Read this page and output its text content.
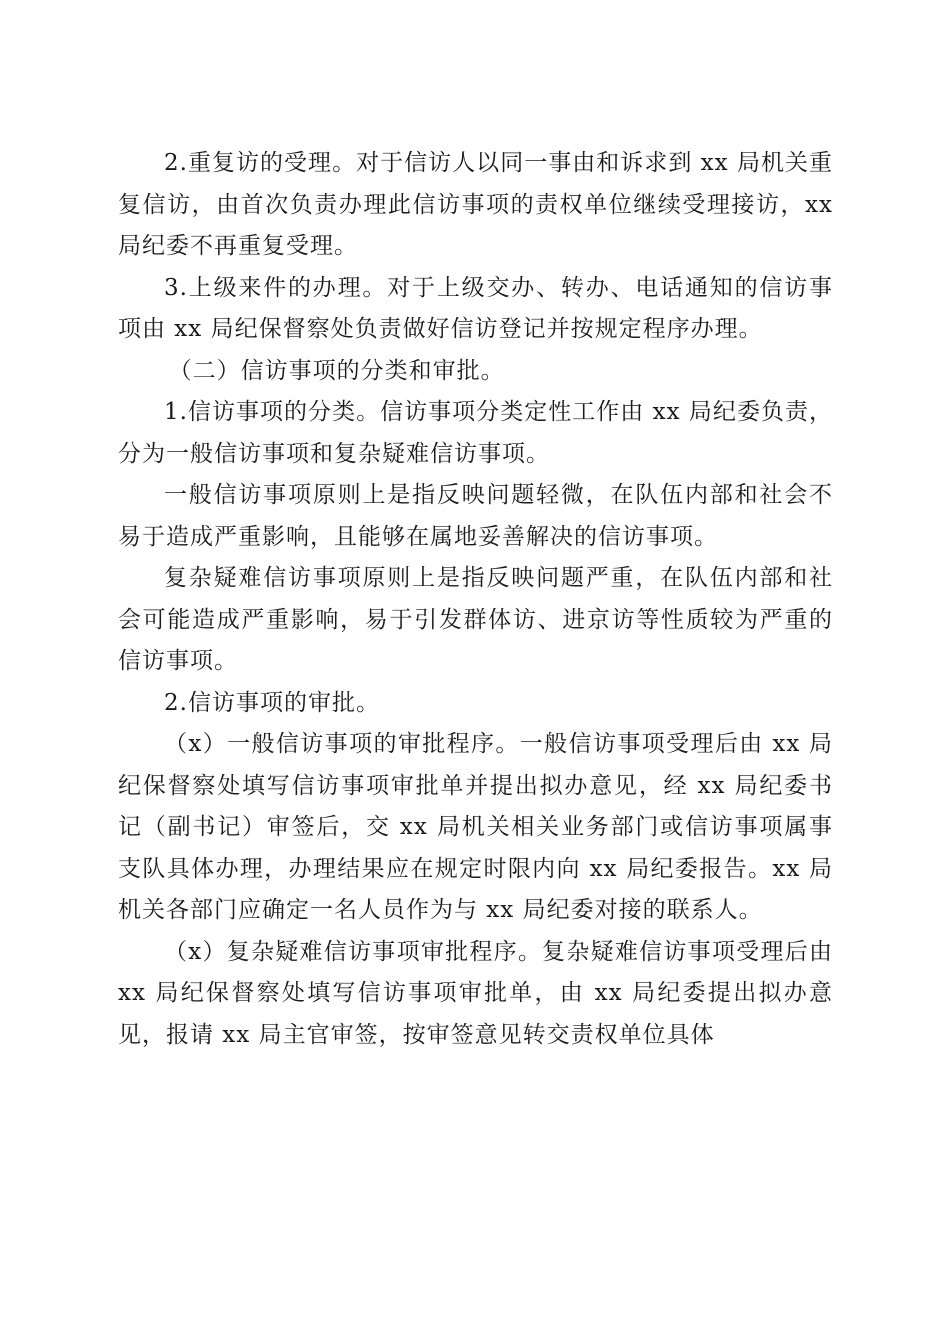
2.重复访的受理。对于信访人以同一事由和诉求到 xx 局机关重复信访，由首次负责办理此信访事项的责权单位继续受理接访，xx 局纪委不再重复受理。

3.上级来件的办理。对于上级交办、转办、电话通知的信访事项由 xx 局纪保督察处负责做好信访登记并按规定程序办理。

（二）信访事项的分类和审批。

1.信访事项的分类。信访事项分类定性工作由 xx 局纪委负责，分为一般信访事项和复杂疑难信访事项。

一般信访事项原则上是指反映问题轻微，在队伍内部和社会不易于造成严重影响，且能够在属地妥善解决的信访事项。

复杂疑难信访事项原则上是指反映问题严重，在队伍内部和社会可能造成严重影响，易于引发群体访、进京访等性质较为严重的信访事项。

2.信访事项的审批。

（x）一般信访事项的审批程序。一般信访事项受理后由 xx 局纪保督察处填写信访事项审批单并提出拟办意见，经 xx 局纪委书记（副书记）审签后，交 xx 局机关相关业务部门或信访事项属事支队具体办理，办理结果应在规定时限内向 xx 局纪委报告。xx 局机关各部门应确定一名人员作为与 xx 局纪委对接的联系人。

（x）复杂疑难信访事项审批程序。复杂疑难信访事项受理后由 xx 局纪保督察处填写信访事项审批单，由 xx 局纪委提出拟办意见，报请 xx 局主官审签，按审签意见转交责权单位具体
